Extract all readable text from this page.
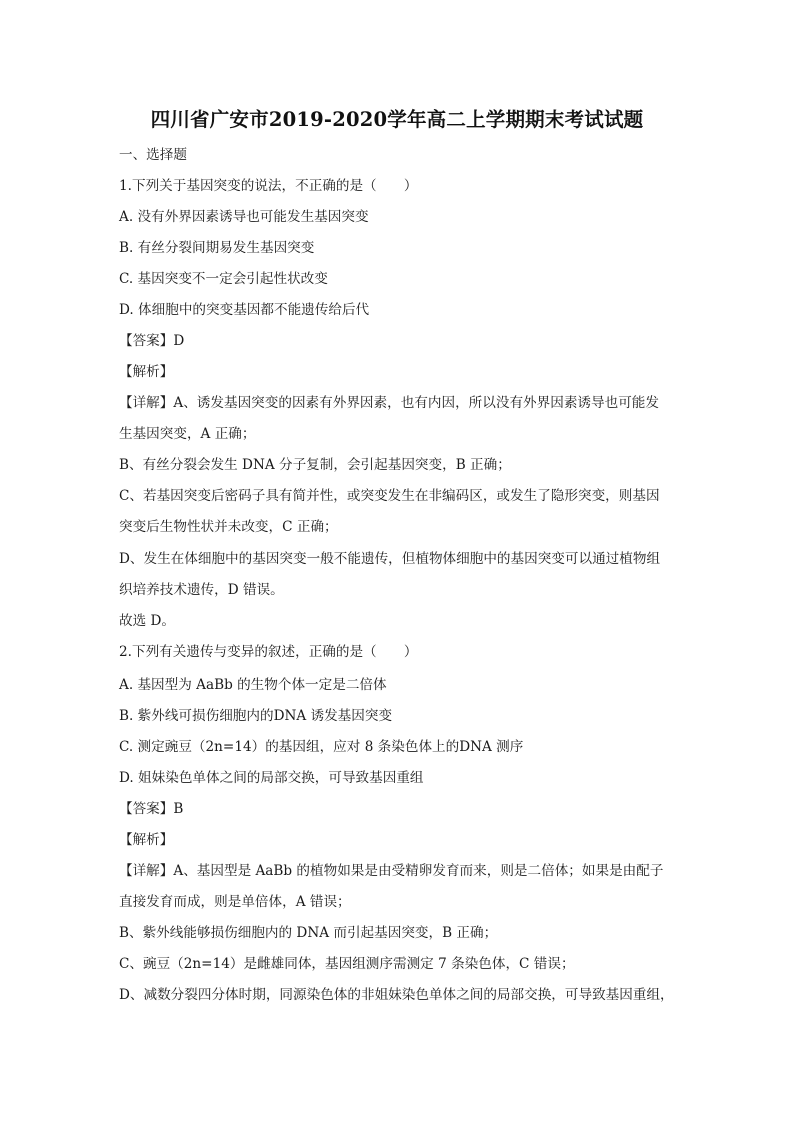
四川省广安市2019-2020学年高二上学期期末考试试题
一、选择题
1.下列关于基因突变的说法，不正确的是（　　）
A. 没有外界因素诱导也可能发生基因突变
B. 有丝分裂间期易发生基因突变
C. 基因突变不一定会引起性状改变
D. 体细胞中的突变基因都不能遗传给后代
【答案】D
【解析】
【详解】A、诱发基因突变的因素有外界因素，也有内因，所以没有外界因素诱导也可能发
生基因突变，A 正确；
B、有丝分裂会发生 DNA 分子复制，会引起基因突变，B 正确；
C、若基因突变后密码子具有简并性，或突变发生在非编码区，或发生了隐形突变，则基因
突变后生物性状并未改变，C 正确；
D、发生在体细胞中的基因突变一般不能遗传，但植物体细胞中的基因突变可以通过植物组
织培养技术遗传，D 错误。
故选 D。
2.下列有关遗传与变异的叙述，正确的是（　　）
A. 基因型为 AaBb 的生物个体一定是二倍体
B. 紫外线可损伤细胞内的DNA 诱发基因突变
C. 测定豌豆（2n=14）的基因组，应对 8 条染色体上的DNA 测序
D. 姐妹染色单体之间的局部交换，可导致基因重组
【答案】B
【解析】
【详解】A、基因型是 AaBb 的植物如果是由受精卵发育而来，则是二倍体；如果是由配子
直接发育而成，则是单倍体，A 错误；
B、紫外线能够损伤细胞内的 DNA 而引起基因突变，B 正确；
C、豌豆（2n=14）是雌雄同体，基因组测序需测定 7 条染色体，C 错误；
D、减数分裂四分体时期，同源染色体的非姐妹染色单体之间的局部交换，可导致基因重组，
